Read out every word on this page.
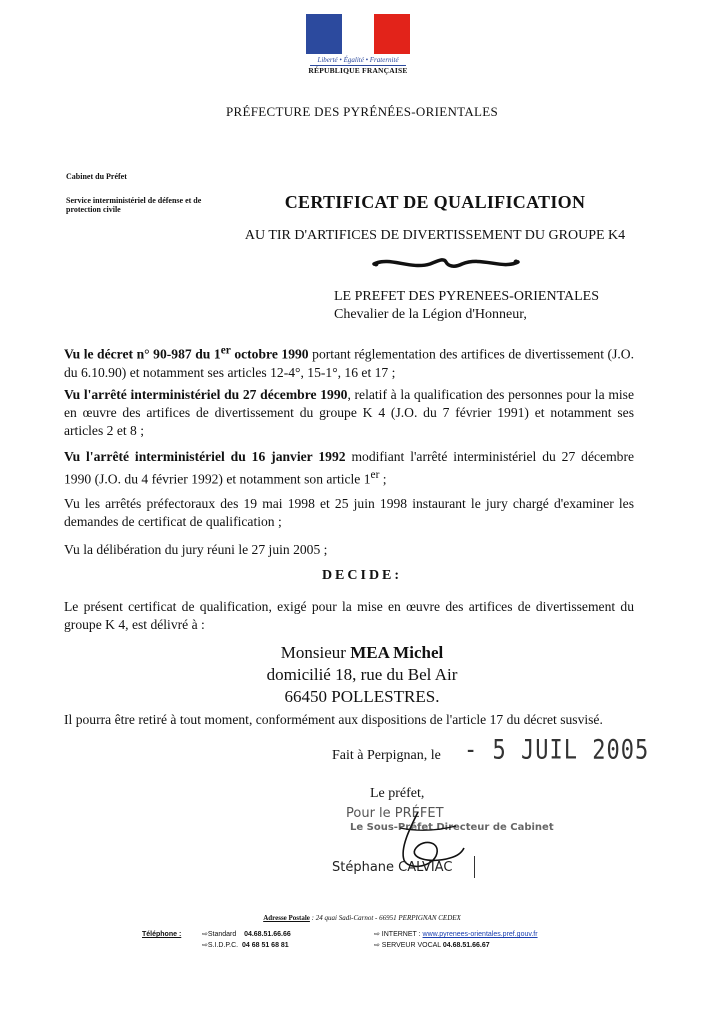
Liberté • Égalité • Fraternité
RÉPUBLIQUE FRANÇAISE
PRÉFECTURE DES PYRÉNÉES-ORIENTALES
Cabinet du Préfet
Service interministériel de défense et de protection civile	CERTIFICAT DE QUALIFICATION
AU TIR D'ARTIFICES DE DIVERTISSEMENT DU GROUPE K4
LE PREFET DES PYRENEES-ORIENTALES
Chevalier de la Légion d'Honneur,
Vu le décret n° 90-987 du 1er octobre 1990 portant réglementation des artifices de divertissement (J.O. du 6.10.90) et notamment ses articles 12-4°, 15-1°, 16 et 17 ;
Vu l'arrêté interministériel du 27 décembre 1990, relatif à la qualification des personnes pour la mise en œuvre des artifices de divertissement du groupe K 4 (J.O. du 7 février 1991) et notamment ses articles 2 et 8 ;
Vu l'arrêté interministériel du 16 janvier 1992 modifiant l'arrêté interministériel du 27 décembre 1990 (J.O. du 4 février 1992) et notamment son article 1er ;
Vu les arrêtés préfectoraux des 19 mai 1998 et 25 juin 1998 instaurant le jury chargé d'examiner les demandes de certificat de qualification ;
Vu la délibération du jury réuni le 27 juin 2005 ;
DECIDE:
Le présent certificat de qualification, exigé pour la mise en œuvre des artifices de divertissement du groupe K 4, est délivré à :
Monsieur MEA Michel
domicilié 18, rue du Bel Air
66450 POLLESTRES.
Il pourra être retiré à tout moment, conformément aux dispositions de l'article 17 du décret susvisé.
Fait à Perpignan, le - 5 JUIL 2005
Le préfet,
Pour le PRÉFET
Le Sous-Préfet Directeur de Cabinet
Stéphane CALVIAC
Adresse Postale : 24 quai Sadi-Carnot - 66951 PERPIGNAN CEDEX
Téléphone :	⇨Standard 04.68.51.66.66
⇨S.I.D.P.C. 04 68 51 68 81
⇨ INTERNET : www.pyrenees-orientales.pref.gouv.fr
⇨ SERVEUR VOCAL 04.68.51.66.67
